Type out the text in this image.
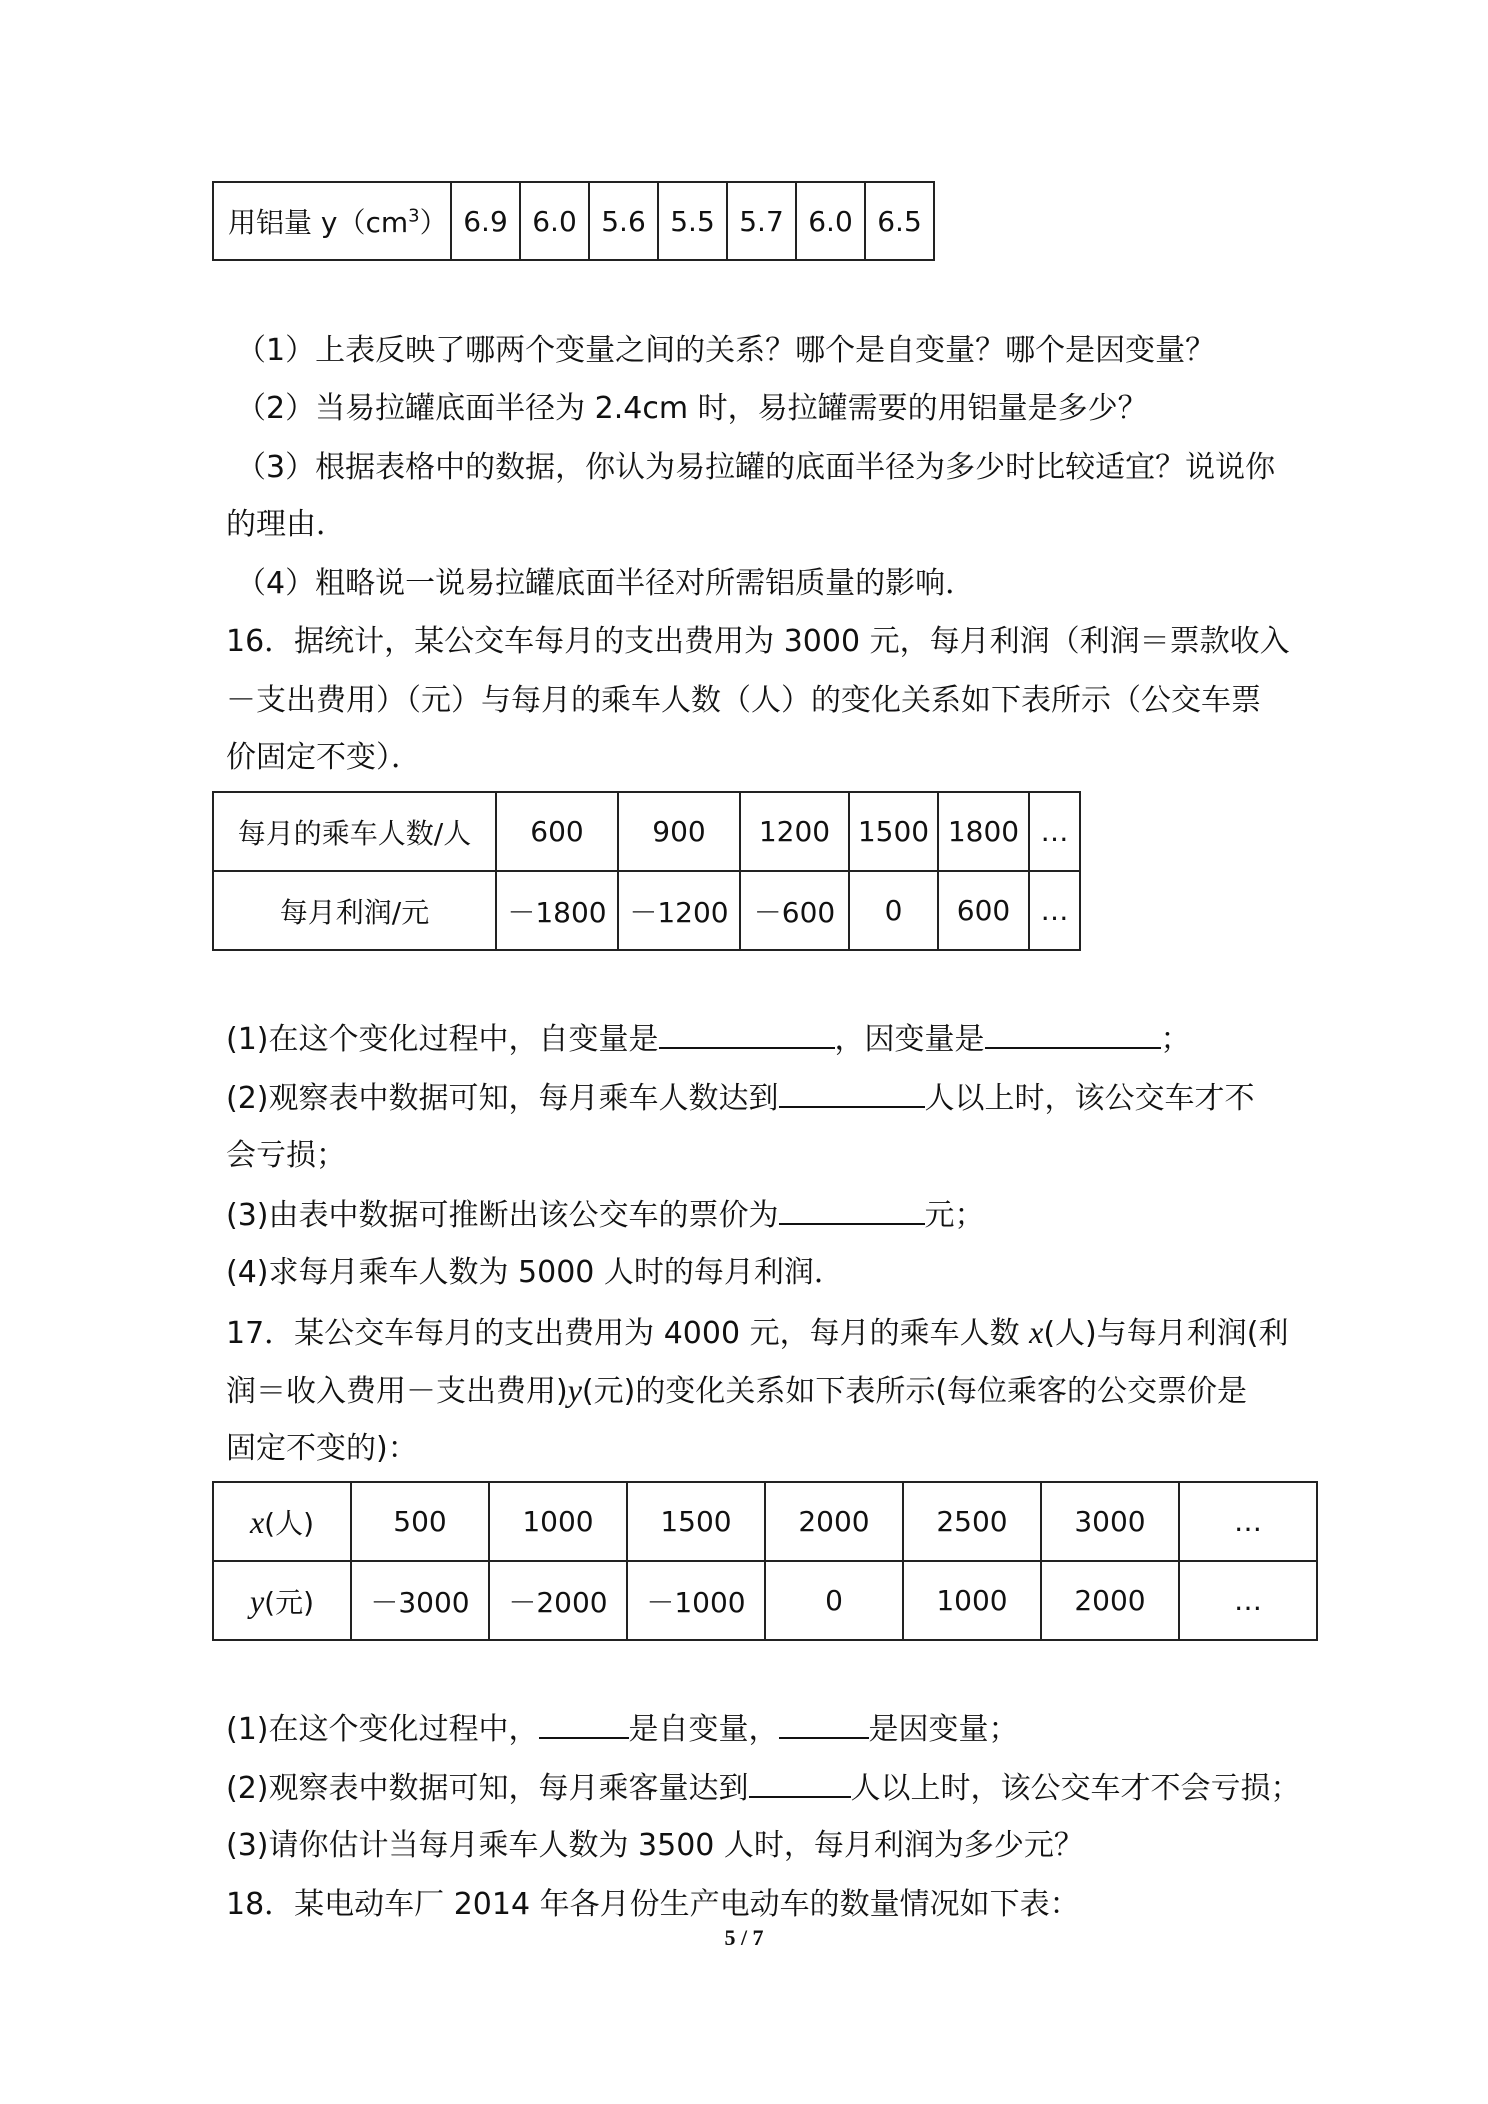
用铝量 $y(cm^3)$	6.9	6.0	5.6	5.5	5.7	6.0	6.5
（1）上表反映了哪两个变量之间的关系？哪个是自变量？哪个是因变量？
（2）当易拉罐底面半径为 2.4cm 时，易拉罐需要的用铝量是多少？
（3）根据表格中的数据，你认为易拉罐的底面半径为多少时比较适宜？说说你
的理由．
（4）粗略说一说易拉罐底面半径对所需铝质量的影响．
16．据统计，某公交车每月的支出费用为 3000 元，每月利润（利润＝票款收入
－支出费用）（元）与每月的乘车人数（人）的变化关系如下表所示（公交车票
价固定不变）．
每月的乘车人数/人	600	900	1200	1500	1800	…
每月利润/元	－1800	－1200	－600	0	600	…
(1)在这个变化过程中，自变量是	，因变量是	；
(2)观察表中数据可知，每月乘车人数达到	人以上时，该公交车才不
会亏损；
(3)由表中数据可推断出该公交车的票价为	元；
(4)求每月乘车人数为 5000 人时的每月利润．
17．某公交车每月的支出费用为 4000 元，每月的乘车人数 x(人)与每月利润(利
润＝收入费用－支出费用)y(元)的变化关系如下表所示(每位乘客的公交票价是
固定不变的)：
x(人)	500	1000	1500	2000	2500	3000	…
y(元)	－3000	－2000	－1000	0	1000	2000	…
(1)在这个变化过程中，	是自变量，	是因变量；
(2)观察表中数据可知，每月乘客量达到	人以上时，该公交车才不会亏损；
(3)请你估计当每月乘车人数为 3500 人时，每月利润为多少元？
18．某电动车厂 2014 年各月份生产电动车的数量情况如下表：
5 / 7
